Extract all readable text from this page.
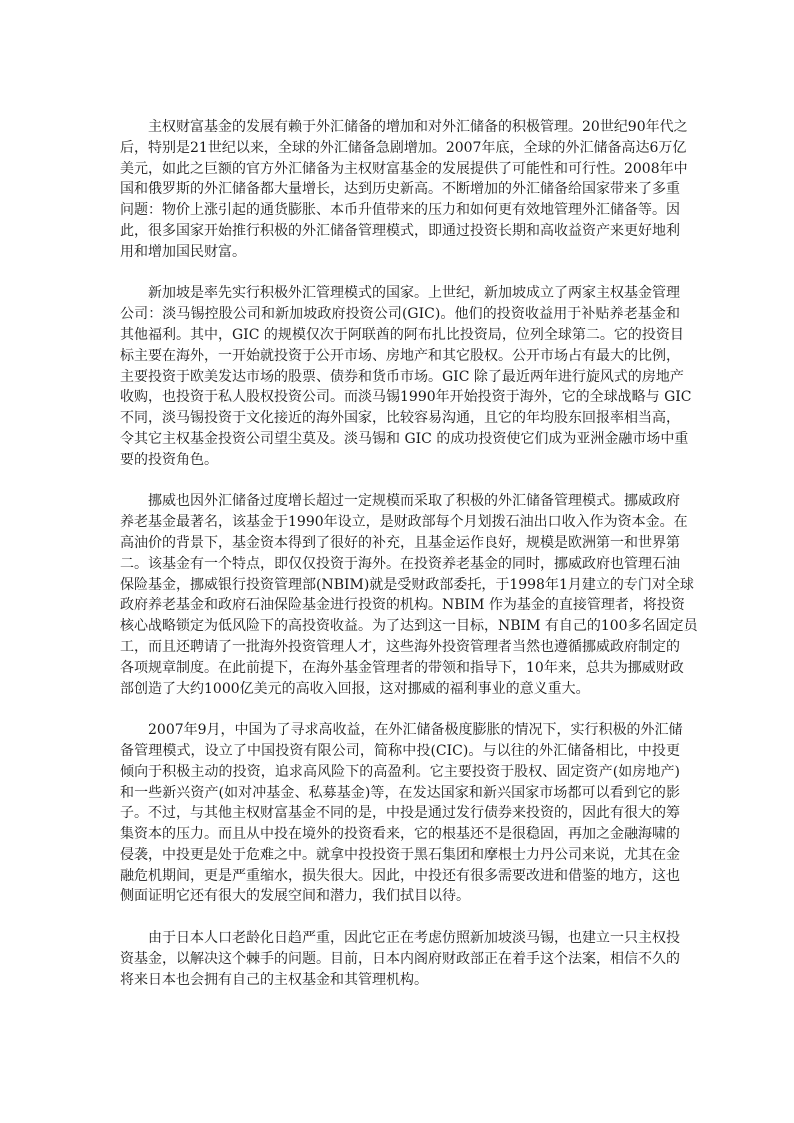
主权财富基金的发展有赖于外汇储备的增加和对外汇储备的积极管理。20世纪90年代之
后，特别是21世纪以来，全球的外汇储备急剧增加。2007年底，全球的外汇储备高达6万亿
美元，如此之巨额的官方外汇储备为主权财富基金的发展提供了可能性和可行性。2008年中
国和俄罗斯的外汇储备都大量增长，达到历史新高。不断增加的外汇储备给国家带来了多重
问题：物价上涨引起的通货膨胀、本币升值带来的压力和如何更有效地管理外汇储备等。因
此，很多国家开始推行积极的外汇储备管理模式，即通过投资长期和高收益资产来更好地利
用和增加国民财富。
新加坡是率先实行积极外汇管理模式的国家。上世纪，新加坡成立了两家主权基金管理
公司：淡马锡控股公司和新加坡政府投资公司(GIC)。他们的投资收益用于补贴养老基金和
其他福利。其中，GIC 的规模仅次于阿联酋的阿布扎比投资局，位列全球第二。它的投资目
标主要在海外，一开始就投资于公开市场、房地产和其它股权。公开市场占有最大的比例，
主要投资于欧美发达市场的股票、债券和货币市场。GIC 除了最近两年进行旋风式的房地产
收购，也投资于私人股权投资公司。而淡马锡1990年开始投资于海外，它的全球战略与 GIC
不同，淡马锡投资于文化接近的海外国家，比较容易沟通，且它的年均股东回报率相当高，
令其它主权基金投资公司望尘莫及。淡马锡和 GIC 的成功投资使它们成为亚洲金融市场中重
要的投资角色。
挪威也因外汇储备过度增长超过一定规模而采取了积极的外汇储备管理模式。挪威政府
养老基金最著名，该基金于1990年设立，是财政部每个月划拨石油出口收入作为资本金。在
高油价的背景下，基金资本得到了很好的补充，且基金运作良好，规模是欧洲第一和世界第
二。该基金有一个特点，即仅仅投资于海外。在投资养老基金的同时，挪威政府也管理石油
保险基金，挪威银行投资管理部(NBIM)就是受财政部委托，于1998年1月建立的专门对全球
政府养老基金和政府石油保险基金进行投资的机构。NBIM 作为基金的直接管理者，将投资
核心战略锁定为低风险下的高投资收益。为了达到这一目标，NBIM 有自己的100多名固定员
工，而且还聘请了一批海外投资管理人才，这些海外投资管理者当然也遵循挪威政府制定的
各项规章制度。在此前提下，在海外基金管理者的带领和指导下，10年来，总共为挪威财政
部创造了大约1000亿美元的高收入回报，这对挪威的福利事业的意义重大。
2007年9月，中国为了寻求高收益，在外汇储备极度膨胀的情况下，实行积极的外汇储
备管理模式，设立了中国投资有限公司，简称中投(CIC)。与以往的外汇储备相比，中投更
倾向于积极主动的投资，追求高风险下的高盈利。它主要投资于股权、固定资产(如房地产)
和一些新兴资产(如对冲基金、私募基金)等，在发达国家和新兴国家市场都可以看到它的影
子。不过，与其他主权财富基金不同的是，中投是通过发行债券来投资的，因此有很大的筹
集资本的压力。而且从中投在境外的投资看来，它的根基还不是很稳固，再加之金融海啸的
侵袭，中投更是处于危难之中。就拿中投投资于黑石集团和摩根士力丹公司来说，尤其在金
融危机期间，更是严重缩水，损失很大。因此，中投还有很多需要改进和借鉴的地方，这也
侧面证明它还有很大的发展空间和潜力，我们拭目以待。
由于日本人口老龄化日趋严重，因此它正在考虑仿照新加坡淡马锡，也建立一只主权投
资基金，以解决这个棘手的问题。目前，日本内阁府财政部正在着手这个法案，相信不久的
将来日本也会拥有自己的主权基金和其管理机构。
